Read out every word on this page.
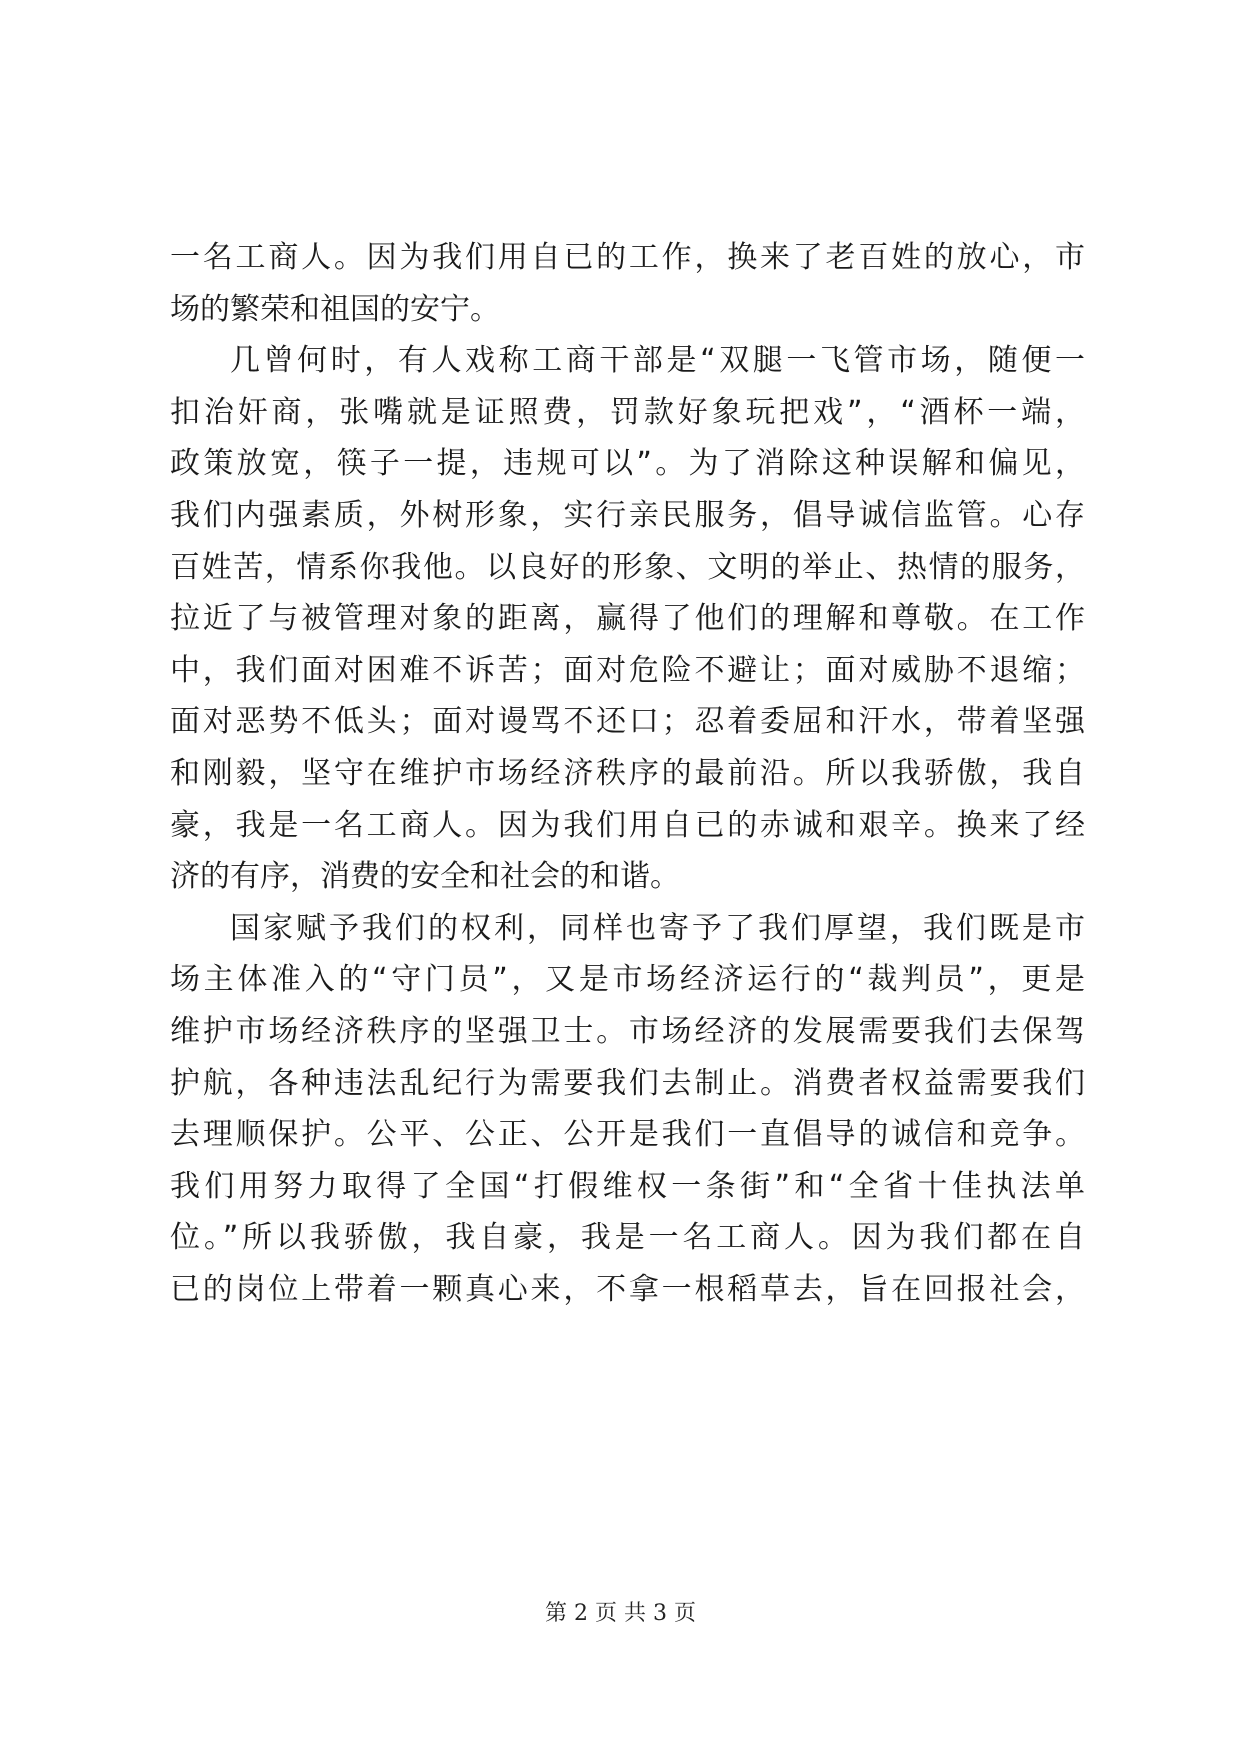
一名工商人。因为我们用自已的工作，换来了老百姓的放心，市
场的繁荣和祖国的安宁。
几曾何时，有人戏称工商干部是“双腿一飞管市场，随便一
扣治奸商，张嘴就是证照费，罚款好象玩把戏”，“酒杯一端，
政策放宽，筷子一提，违规可以”。为了消除这种误解和偏见，
我们内强素质，外树形象，实行亲民服务，倡导诚信监管。心存
百姓苦，情系你我他。以良好的形象、文明的举止、热情的服务，
拉近了与被管理对象的距离，赢得了他们的理解和尊敬。在工作
中，我们面对困难不诉苦；面对危险不避让；面对威胁不退缩；
面对恶势不低头；面对谩骂不还口；忍着委屈和汗水，带着坚强
和刚毅，坚守在维护市场经济秩序的最前沿。所以我骄傲，我自
豪，我是一名工商人。因为我们用自已的赤诚和艰辛。换来了经
济的有序，消费的安全和社会的和谐。
国家赋予我们的权利，同样也寄予了我们厚望，我们既是市
场主体准入的“守门员”，又是市场经济运行的“裁判员”，更是
维护市场经济秩序的坚强卫士。市场经济的发展需要我们去保驾
护航，各种违法乱纪行为需要我们去制止。消费者权益需要我们
去理顺保护。公平、公正、公开是我们一直倡导的诚信和竞争。
我们用努力取得了全国“打假维权一条街”和“全省十佳执法单
位。”所以我骄傲，我自豪，我是一名工商人。因为我们都在自
已的岗位上带着一颗真心来，不拿一根稻草去，旨在回报社会，
第 2 页 共 3 页
